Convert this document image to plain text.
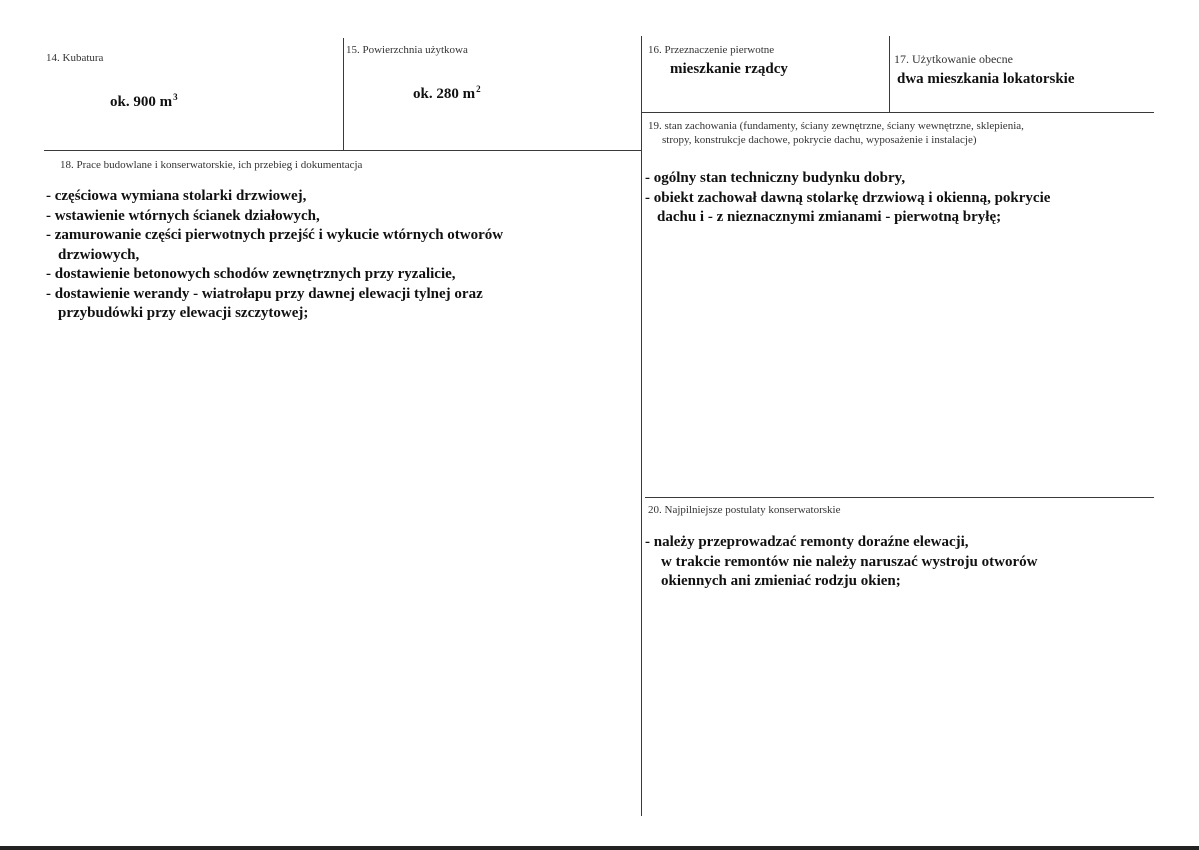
14. Kubatura
ok. 900 $m^3$
15. Powierzchnia użytkowa
ok. 280 $m^2$
16. Przeznaczenie pierwotne
mieszkanie rządcy
17. Użytkowanie obecne
dwa mieszkania lokatorskie
18. Prace budowlane i konserwatorskie, ich przebieg i dokumentacja
- częściowa wymiana stolarki drzwiowej,
- wstawienie wtórnych ścianek działowych,
- zamurowanie części pierwotnych przejść i wykucie wtórnych otworów
drzwiowych,
- dostawienie betonowych schodów zewnętrznych przy ryzalicie,
- dostawienie werandy - wiatrołapu przy dawnej elewacji tylnej oraz
przybudówki przy elewacji szczytowej;
19. stan zachowania (fundamenty, ściany zewnętrzne, ściany wewnętrzne, sklepienia,
stropy, konstrukcje dachowe, pokrycie dachu, wyposażenie i instalacje)
- ogólny stan techniczny budynku dobry,
- obiekt zachował dawną stolarkę drzwiową i okienną, pokrycie
dachu i - z nieznacznymi zmianami - pierwotną bryłę;
20. Najpilniejsze postulaty konserwatorskie
- należy przeprowadzać remonty doraźne elewacji,
w trakcie remontów nie należy naruszać wystroju otworów
okiennych ani zmieniać rodzju okien;
